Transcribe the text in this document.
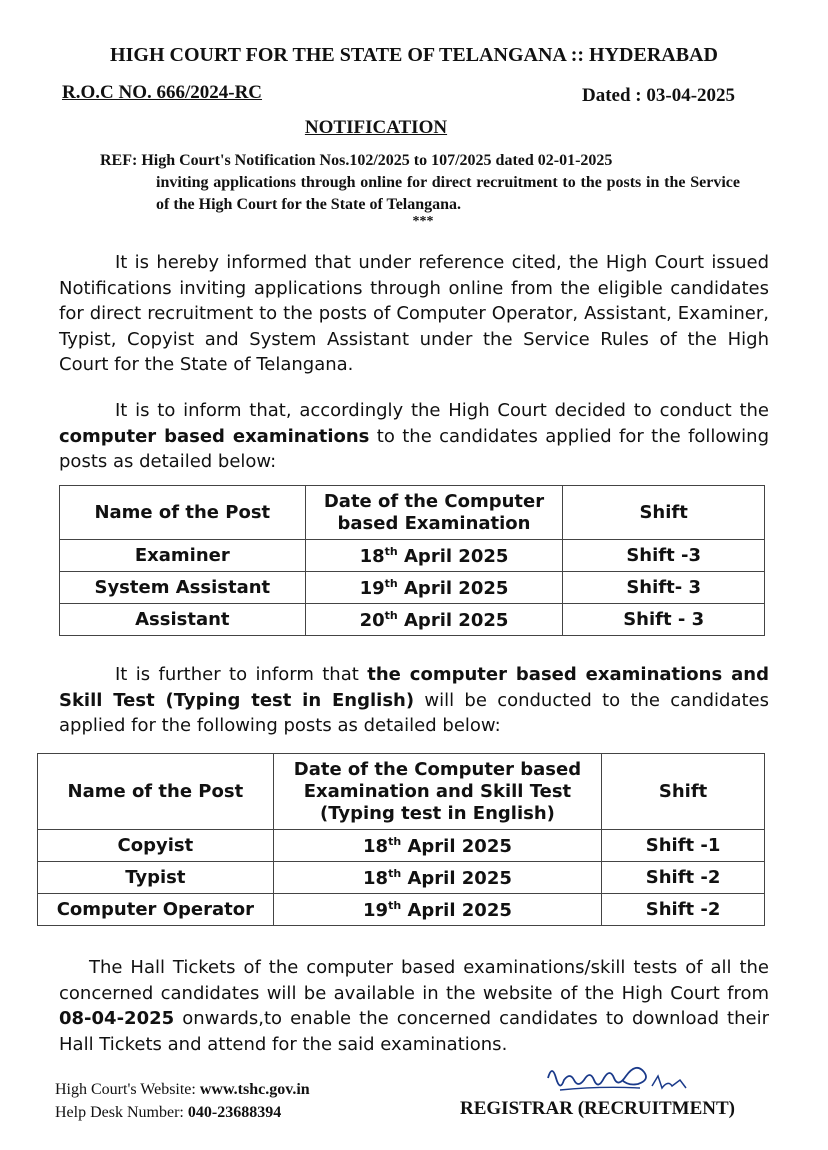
HIGH COURT FOR THE STATE OF TELANGANA :: HYDERABAD
R.O.C NO. 666/2024-RC	Dated : 03-04-2025
NOTIFICATION
REF: High Court's Notification Nos.102/2025 to 107/2025 dated 02-01-2025
inviting applications through online for direct recruitment to the posts in the Service of the High Court for the State of Telangana.
***
It is hereby informed that under reference cited, the High Court issued Notifications inviting applications through online from the eligible candidates for direct recruitment to the posts of Computer Operator, Assistant, Examiner, Typist, Copyist and System Assistant under the Service Rules of the High Court for the State of Telangana.
It is to inform that, accordingly the High Court decided to conduct the computer based examinations to the candidates applied for the following posts as detailed below:
Name of the Post	Date of the Computer based Examination	Shift
Examiner	18th April 2025	Shift -3
System Assistant	19th April 2025	Shift- 3
Assistant	20th April 2025	Shift - 3
It is further to inform that the computer based examinations and Skill Test (Typing test in English) will be conducted to the candidates applied for the following posts as detailed below:
Name of the Post	Date of the Computer based Examination and Skill Test (Typing test in English)	Shift
Copyist	18th April 2025	Shift -1
Typist	18th April 2025	Shift -2
Computer Operator	19th April 2025	Shift -2
The Hall Tickets of the computer based examinations/skill tests of all the concerned candidates will be available in the website of the High Court from 08-04-2025 onwards,to enable the concerned candidates to download their Hall Tickets and attend for the said examinations.
High Court's Website: www.tshc.gov.in
Help Desk Number: 040-23688394	REGISTRAR (RECRUITMENT)
